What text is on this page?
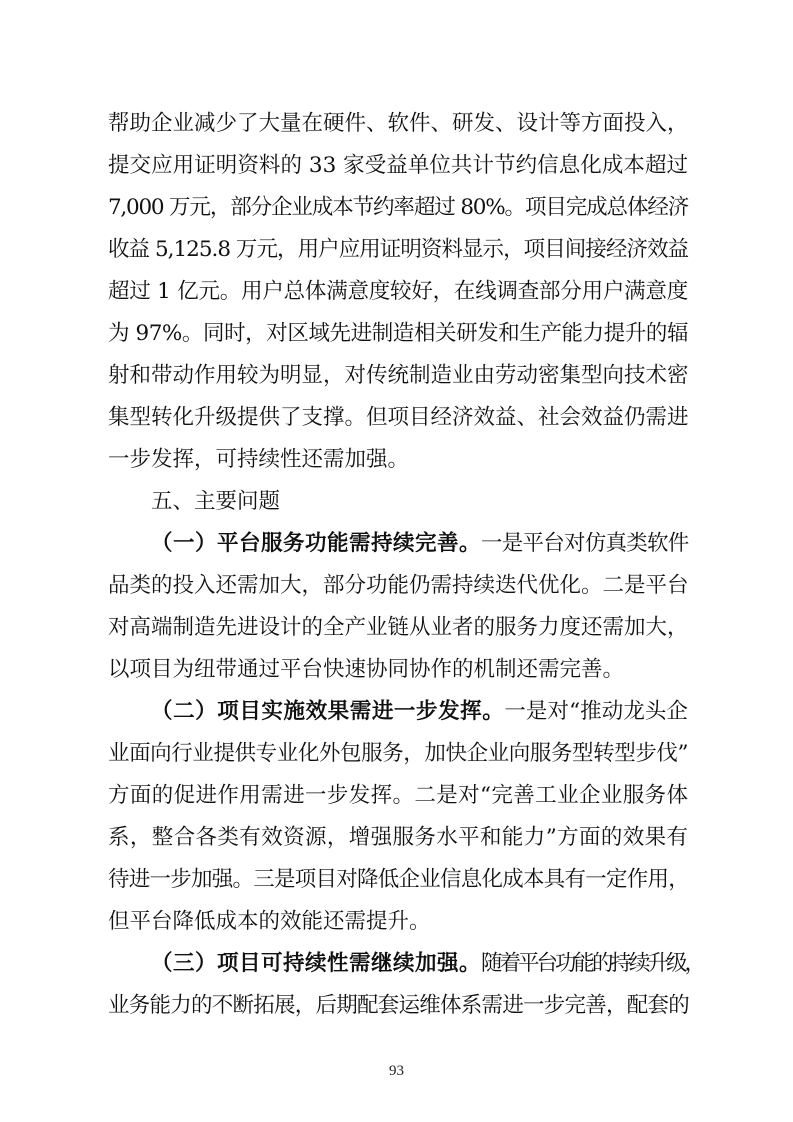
帮助企业减少了大量在硬件、软件、研发、设计等方面投入，
提交应用证明资料的 33 家受益单位共计节约信息化成本超过
7,000 万元，部分企业成本节约率超过 80%。项目完成总体经济
收益 5,125.8 万元，用户应用证明资料显示，项目间接经济效益
超过 1 亿元。用户总体满意度较好，在线调查部分用户满意度
为 97%。同时，对区域先进制造相关研发和生产能力提升的辐
射和带动作用较为明显，对传统制造业由劳动密集型向技术密
集型转化升级提供了支撑。但项目经济效益、社会效益仍需进
一步发挥，可持续性还需加强。
五、主要问题
（一）平台服务功能需持续完善。一是平台对仿真类软件
品类的投入还需加大，部分功能仍需持续迭代优化。二是平台
对高端制造先进设计的全产业链从业者的服务力度还需加大，
以项目为纽带通过平台快速协同协作的机制还需完善。
（二）项目实施效果需进一步发挥。一是对“推动龙头企
业面向行业提供专业化外包服务，加快企业向服务型转型步伐”
方面的促进作用需进一步发挥。二是对“完善工业企业服务体
系，整合各类有效资源，增强服务水平和能力”方面的效果有
待进一步加强。三是项目对降低企业信息化成本具有一定作用，
但平台降低成本的效能还需提升。
（三）项目可持续性需继续加强。随着平台功能的持续升级，
业务能力的不断拓展，后期配套运维体系需进一步完善，配套的
93
